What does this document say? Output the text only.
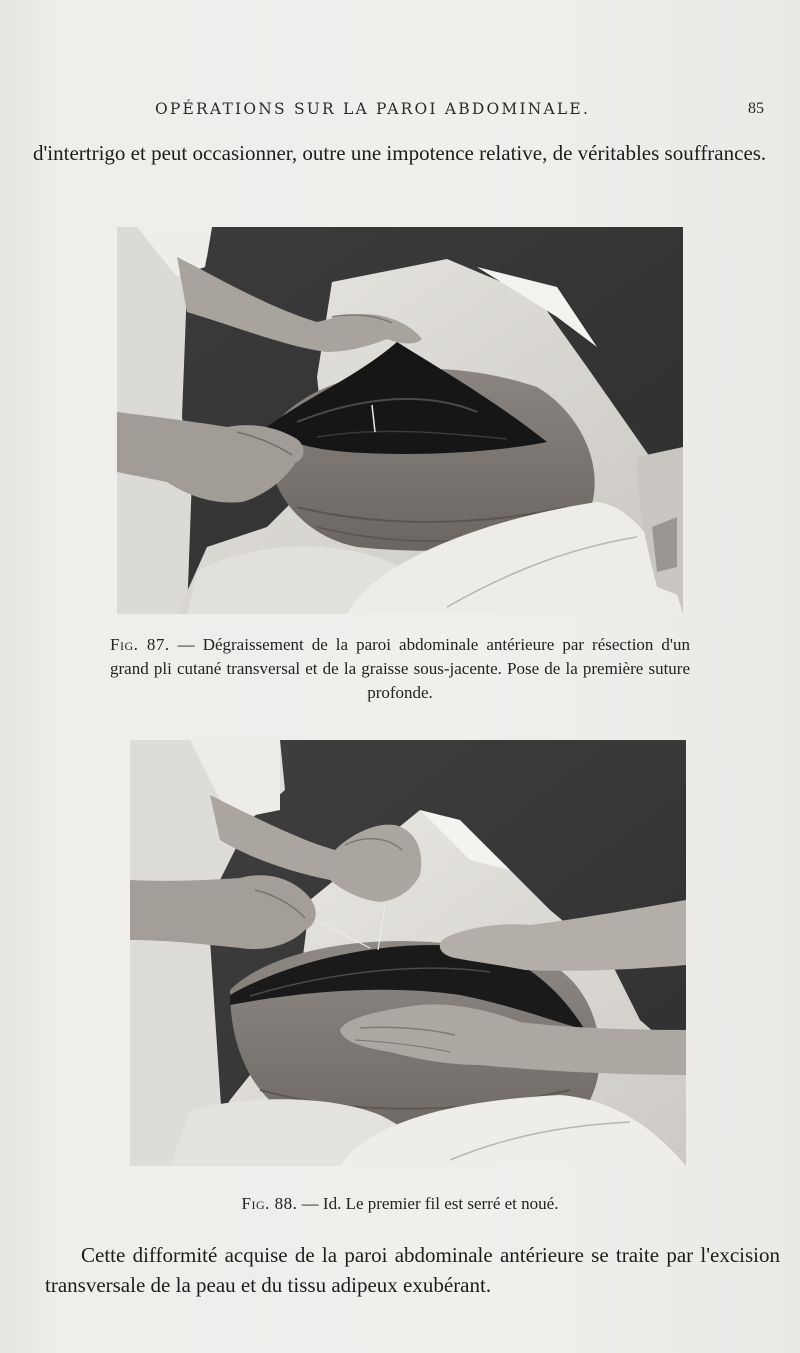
OPÉRATIONS SUR LA PAROI ABDOMINALE.	85
d'intertrigo et peut occasionner, outre une impotence relative, de véritables souffrances.
Fig. 87. — Dégraissement de la paroi abdominale antérieure par résection d'un grand pli cutané transversal et de la graisse sous-jacente. Pose de la première suture profonde.
Fig. 88. — Id. Le premier fil est serré et noué.
Cette difformité acquise de la paroi abdominale antérieure se traite par l'excision transversale de la peau et du tissu adipeux exubérant.
